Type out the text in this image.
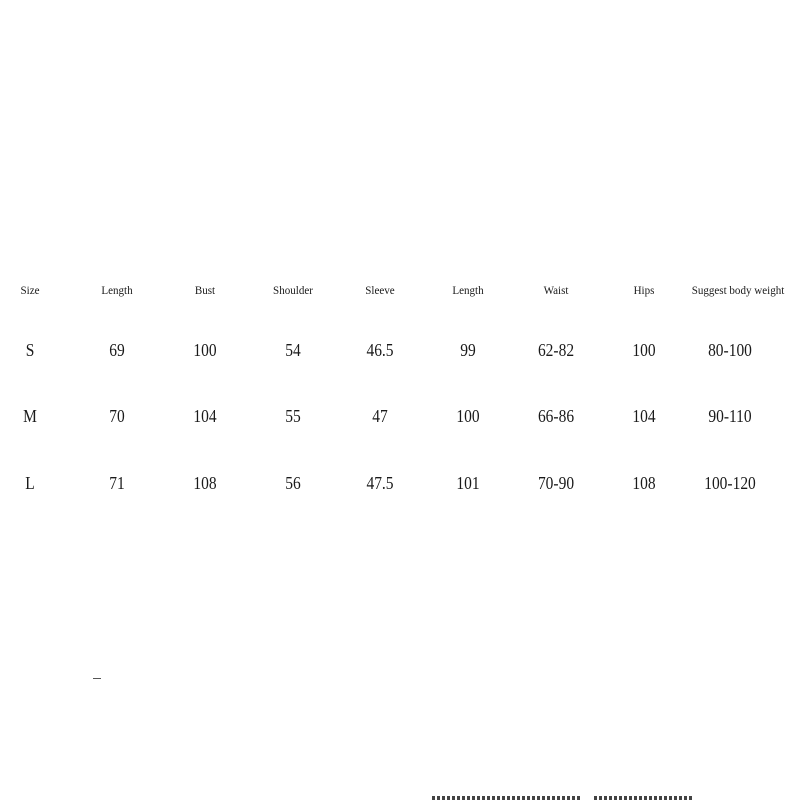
Size	Length	Bust	Shoulder	Sleeve	Length	Waist	Hips	Suggest body weight
S	69	100	54	46.5	99	62-82	100	80-100
M	70	104	55	47	100	66-86	104	90-110
L	71	108	56	47.5	101	70-90	108	100-120
